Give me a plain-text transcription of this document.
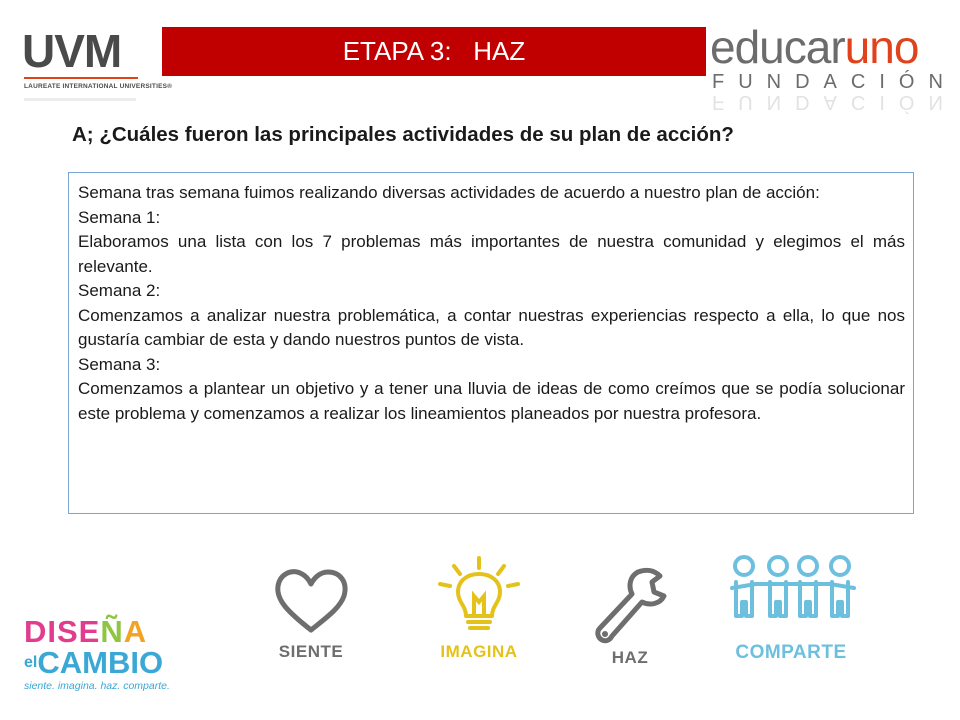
UVM
LAUREATE INTERNATIONAL UNIVERSITIES®
ETAPA 3:   HAZ	educaruno
FUNDACIÓN
FUNDACIÓN
A; ¿Cuáles fueron las principales actividades de su plan de acción?

Semana tras semana fuimos realizando diversas actividades de acuerdo a nuestro plan de acción:

Semana 1:

Elaboramos una lista con los 7 problemas más importantes de nuestra comunidad y elegimos el más relevante.

Semana 2:

Comenzamos a analizar nuestra problemática, a contar nuestras experiencias respecto a ella, lo que nos gustaría cambiar de esta y dando nuestros puntos de vista.

Semana 3:

Comenzamos a plantear un objetivo y a tener una lluvia de ideas de como creímos que se podía solucionar este problema y comenzamos a realizar los lineamientos planeados por nuestra profesora.

SIENTE	IMAGINA	HAZ	COMPARTE
DISEÑA
elCAMBIO
siente. imagina. haz. comparte.
